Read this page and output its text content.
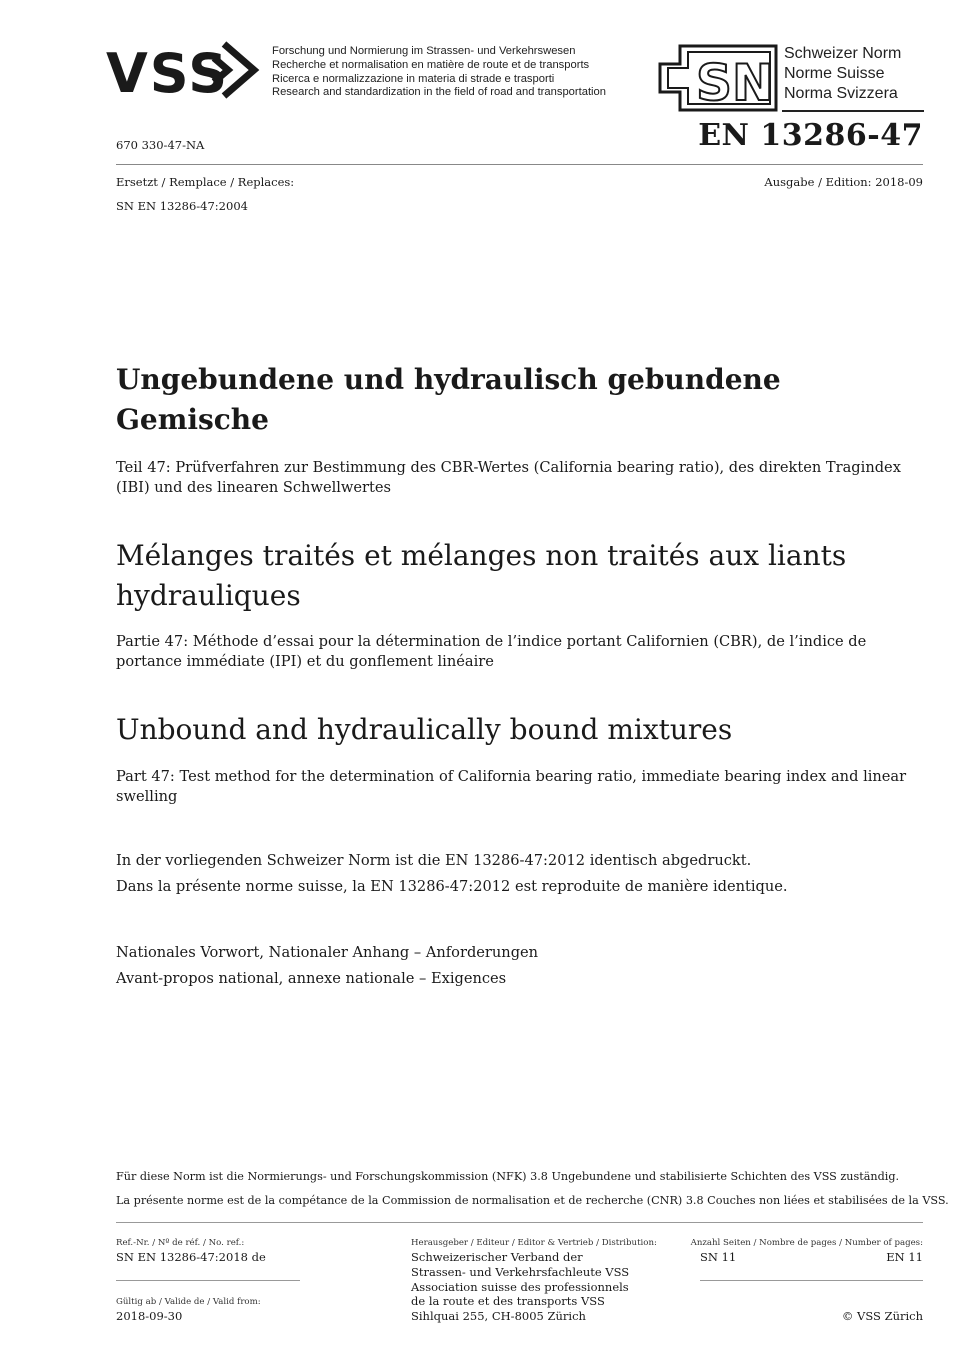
VSS	Forschung und Normierung im Strassen- und Verkehrswesen
Recherche et normalisation en matière de route et de transports
Ricerca e normalizzazione in materia di strade e trasporti
Research and standardization in the field of road and transportation SN
Schweizer Norm
Norme Suisse
Norma Svizzera
670 330-47-NA	EN 13286-47
Ersetzt / Remplace / Replaces:
SN EN 13286-47:2004
Ausgabe / Edition: 2018-09
Ungebundene und hydraulisch gebundene Gemische
Teil 47: Prüfverfahren zur Bestimmung des CBR-Wertes (California bearing ratio), des direkten Tragindex (IBI) und des linearen Schwellwertes
Mélanges traités et mélanges non traités aux liants hydrauliques
Partie 47: Méthode d’essai pour la détermination de l’indice portant Californien (CBR), de l’indice de portance immédiate (IPI) et du gonflement linéaire
Unbound and hydraulically bound mixtures
Part 47: Test method for the determination of California bearing ratio, immediate bearing index and linear swelling
In der vorliegenden Schweizer Norm ist die EN 13286-47:2012 identisch abgedruckt.
Dans la présente norme suisse, la EN 13286-47:2012 est reproduite de manière identique.
Nationales Vorwort, Nationaler Anhang – Anforderungen
Avant-propos national, annexe nationale – Exigences
Für diese Norm ist die Normierungs- und Forschungskommission (NFK) 3.8 Ungebundene und stabilisierte Schichten des VSS zuständig.
La présente norme est de la compétance de la Commission de normalisation et de recherche (CNR) 3.8 Couches non liées et stabilisées de la VSS.
Ref.-Nr. / Nº de réf. / No. ref.:
SN EN 13286-47:2018 de
Gültig ab / Valide de / Valid from:
2018-09-30
Herausgeber / Editeur / Editor & Vertrieb / Distribution:
Schweizerischer Verband der
Strassen- und Verkehrsfachleute VSS
Association suisse des professionnels
de la route et des transports VSS
Sihlquai 255, CH-8005 Zürich
Anzahl Seiten / Nombre de pages / Number of pages:
SN 11	EN 11
© VSS Zürich
